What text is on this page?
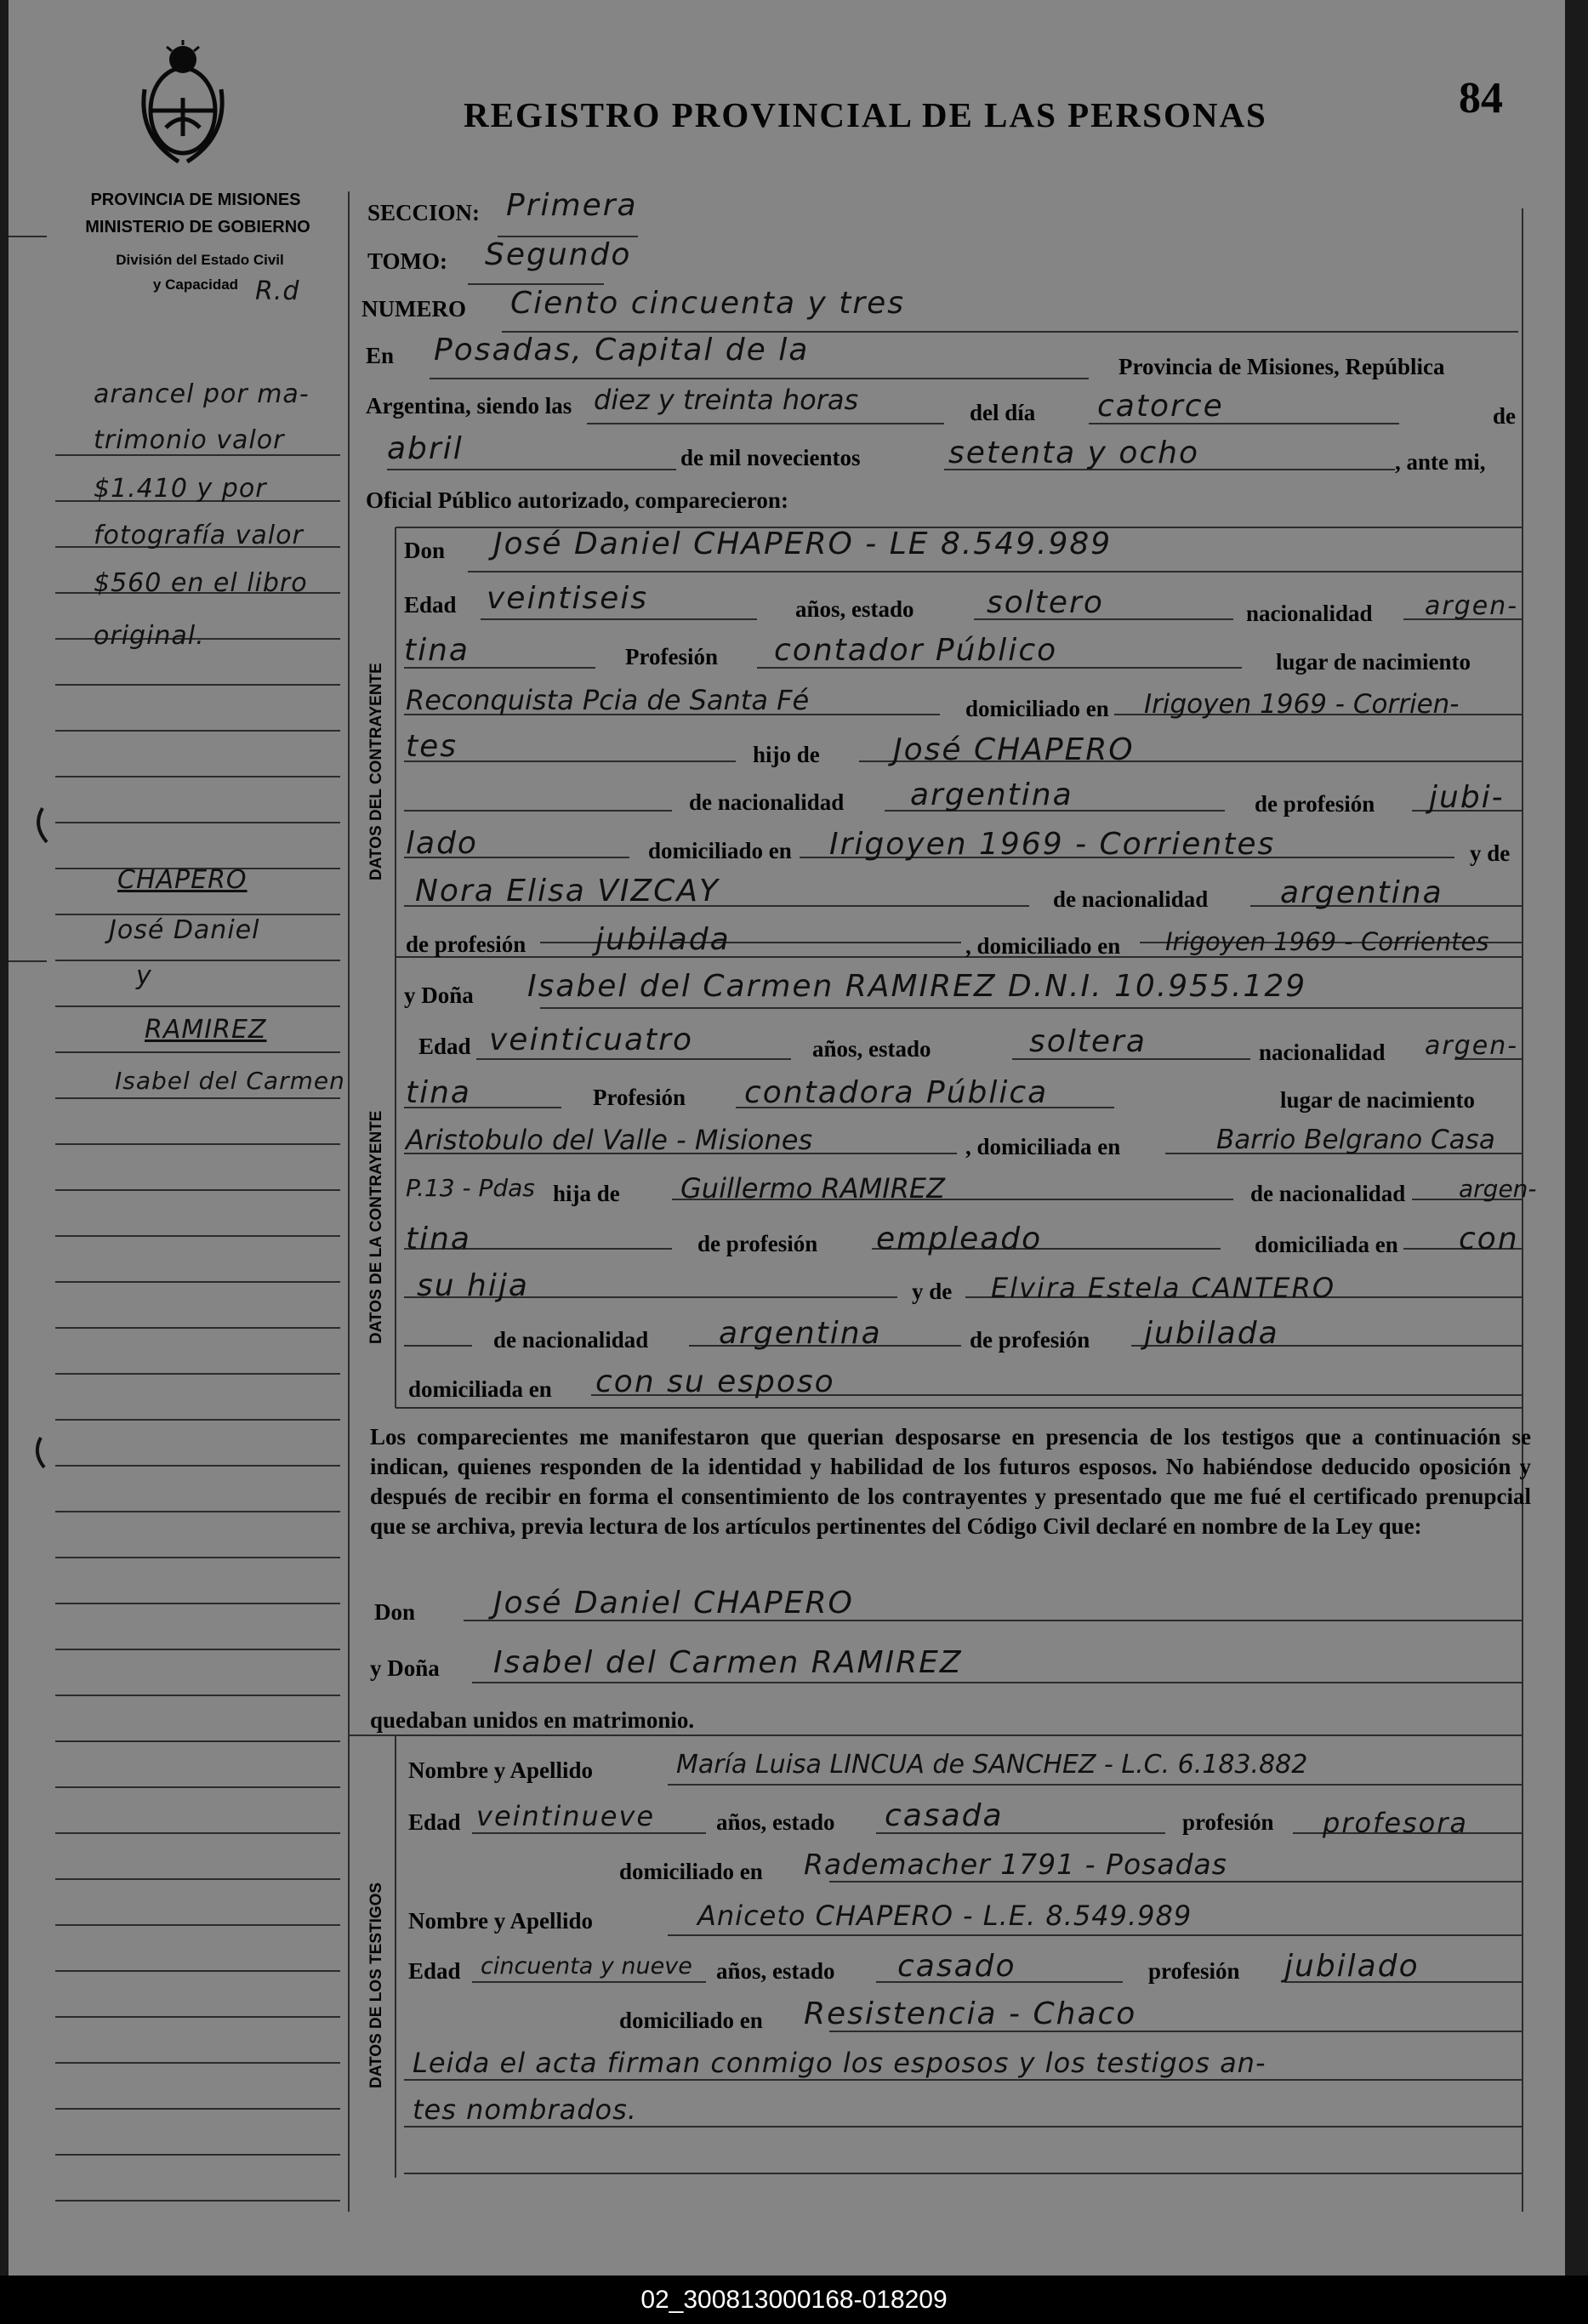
PROVINCIA DE MISIONES
MINISTERIO DE GOBIERNO
División del Estado Civil
y Capacidad R.d
REGISTRO PROVINCIAL DE LAS PERSONAS	84
arancel por ma-
trimonio valor
$1.410 y por
fotografía valor
$560 en el libro
original.
CHAPERO
José Daniel
y
RAMIREZ
Isabel del Carmen
SECCION: Primera
TOMO: Segundo
NUMERO Ciento cincuenta y tres
En Posadas, Capital de la	Provincia de Misiones, República
Argentina, siendo las diez y treinta horas	del día catorce	de
abril	de mil novecientos	setenta y ocho	, ante mi,
Oficial Público autorizado, comparecieron:
DATOS DEL CONTRAYENTE
DATOS DE LA CONTRAYENTE
DATOS DE LOS TESTIGOS
Don José Daniel CHAPERO - LE 8.549.989
Edad veintiseis	años, estado soltero	nacionalidad argen-
tina	Profesión contador Público	lugar de nacimiento
Reconquista Pcia de Santa Fé	domiciliado en Irigoyen 1969 - Corrien-
tes	hijo de José CHAPERO
de nacionalidad argentina	de profesión jubi-
lado	domiciliado en Irigoyen 1969 - Corrientes	y de
Nora Elisa VIZCAY	de nacionalidad argentina
de profesión jubilada	, domiciliado en Irigoyen 1969 - Corrientes
y Doña Isabel del Carmen RAMIREZ D.N.I. 10.955.129
Edad veinticuatro	años, estado	soltera	nacionalidad argen-
tina	Profesión contadora Pública	lugar de nacimiento
Aristobulo del Valle - Misiones	, domiciliada en	Barrio Belgrano Casa
P.13 - Pdas hija de Guillermo RAMIREZ	de nacionalidad argen-
tina	de profesión empleado	domiciliada en con
su hija	y de Elvira Estela CANTERO
de nacionalidad argentina	de profesión jubilada
domiciliada en con su esposo
Los comparecientes me manifestaron que querian desposarse en presencia de los testigos que a continuación se indican, quienes responden de la identidad y habilidad de los futuros esposos. No habiéndose deducido oposición y después de recibir en forma el consentimiento de los contrayentes y presentado que me fué el certificado prenupcial que se archiva, previa lectura de los artículos pertinentes del Código Civil declaré en nombre de la Ley que:
Don	José Daniel CHAPERO
y Doña Isabel del Carmen RAMIREZ
quedaban unidos en matrimonio.
Nombre y Apellido	María Luisa LINCUA de SANCHEZ - L.C. 6.183.882
Edad veintinueve	años, estado casada	profesión profesora
domiciliado en Rademacher 1791 - Posadas
Nombre y Apellido	Aniceto CHAPERO - L.E. 8.549.989
Edad cincuenta y nueve años, estado casado	profesión jubilado
domiciliado en Resistencia - Chaco
Leida el acta firman conmigo los esposos y los testigos an-
tes nombrados.
02_300813000168-018209
